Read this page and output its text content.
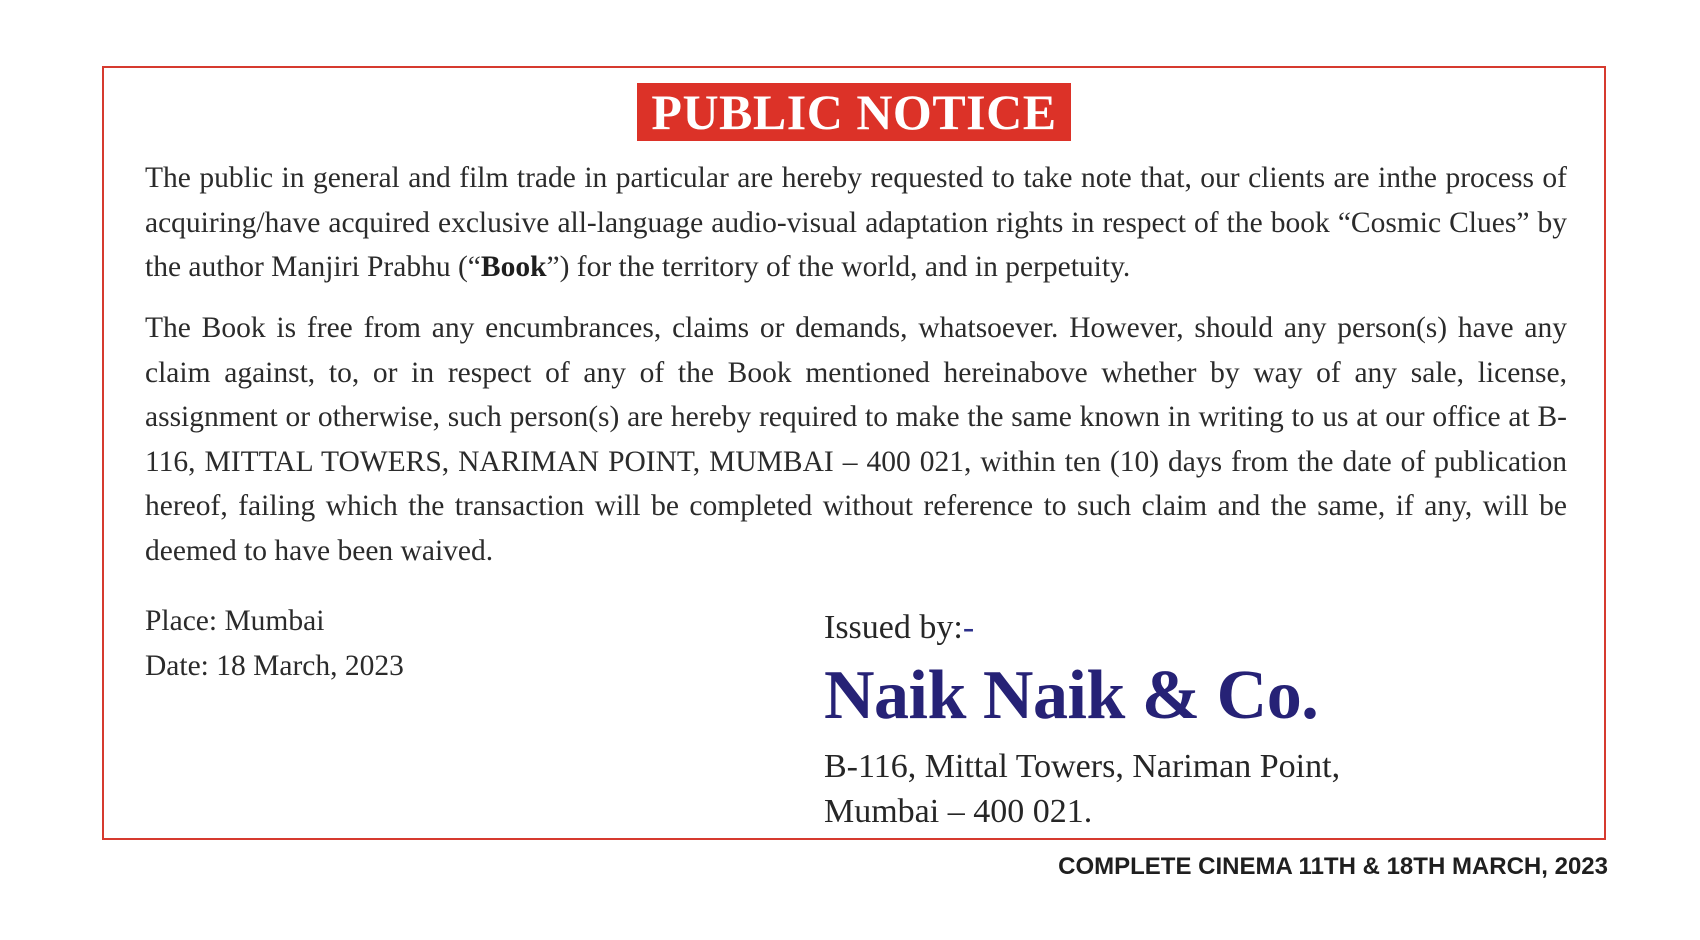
PUBLIC NOTICE
The public in general and film trade in particular are hereby requested to take note that, our clients are inthe process of acquiring/have acquired exclusive all-language audio-visual adaptation rights in respect of the book “Cosmic Clues” by the author Manjiri Prabhu (“Book”) for the territory of the world, and in perpetuity.
The Book is free from any encumbrances, claims or demands, whatsoever. However, should any person(s) have any claim against, to, or in respect of any of the Book mentioned hereinabove whether by way of any sale, license, assignment or otherwise, such person(s) are hereby required to make the same known in writing to us at our office at B-116, MITTAL TOWERS, NARIMAN POINT, MUMBAI – 400 021, within ten (10) days from the date of publication hereof, failing which the transaction will be completed without reference to such claim and the same, if any, will be deemed to have been waived.
Place: Mumbai
Date: 18 March, 2023
Issued by:-
Naik Naik & Co.
B-116, Mittal Towers, Nariman Point,
Mumbai – 400 021.
COMPLETE CINEMA 11TH & 18TH MARCH, 2023
